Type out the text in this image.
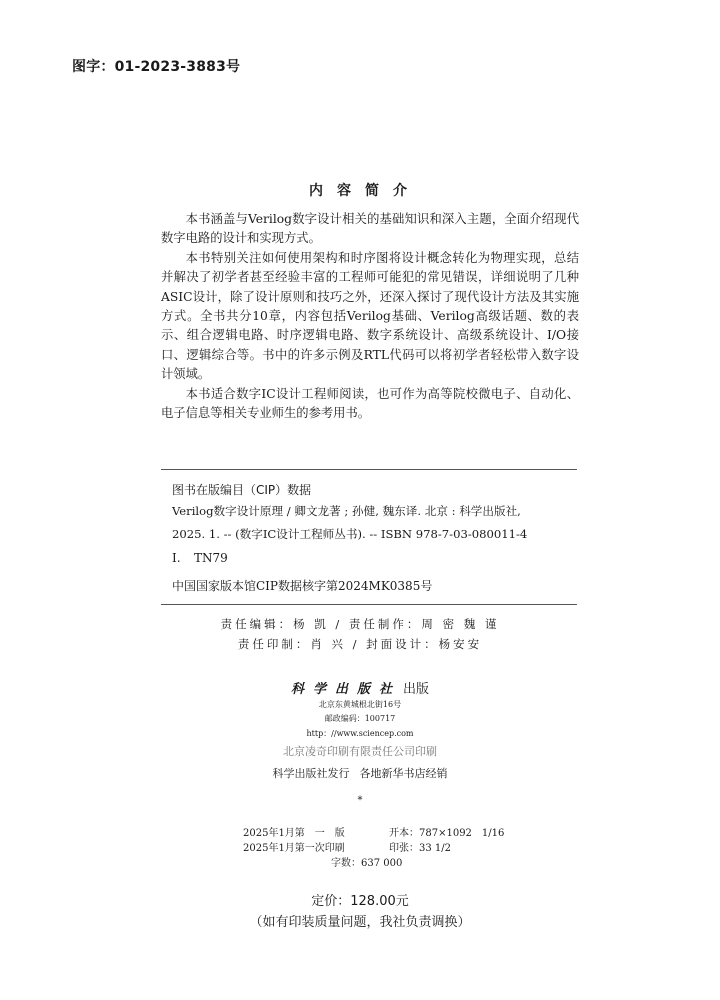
图字：01-2023-3883号
内容简介

本书涵盖与Verilog数字设计相关的基础知识和深入主题，全面介绍现代数字电路的设计和实现方式。

本书特别关注如何使用架构和时序图将设计概念转化为物理实现，总结并解决了初学者甚至经验丰富的工程师可能犯的常见错误，详细说明了几种ASIC设计，除了设计原则和技巧之外，还深入探讨了现代设计方法及其实施方式。全书共分10章，内容包括Verilog基础、Verilog高级话题、数的表示、组合逻辑电路、时序逻辑电路、数字系统设计、高级系统设计、I/O接口、逻辑综合等。书中的许多示例及RTL代码可以将初学者轻松带入数字设计领域。

本书适合数字IC设计工程师阅读，也可作为高等院校微电子、自动化、电子信息等相关专业师生的参考用书。

图书在版编目（CIP）数据
Verilog数字设计原理 / 卿文龙著 ; 孙健, 魏东译. 北京 : 科学出版社,
2025. 1. -- (数字IC设计工程师丛书). -- ISBN 978-7-03-080011-4
Ⅰ. TN79
中国国家版本馆CIP数据核字第2024MK0385号
责任编辑：杨 凯 / 责任制作：周 密 魏 谨
责任印制：肖 兴 / 封面设计：杨安安
科学出版社 出版
北京东黄城根北街16号
邮政编码：100717
http：//www.sciencep.com
北京凌奇印刷有限责任公司印刷
科学出版社发行 各地新华书店经销
*
2025年1月第　一　版	开本：787×1092　1/16
2025年1月第一次印刷	印张：33 1/2
字数：637 000
定价：128.00元
（如有印装质量问题，我社负责调换）
